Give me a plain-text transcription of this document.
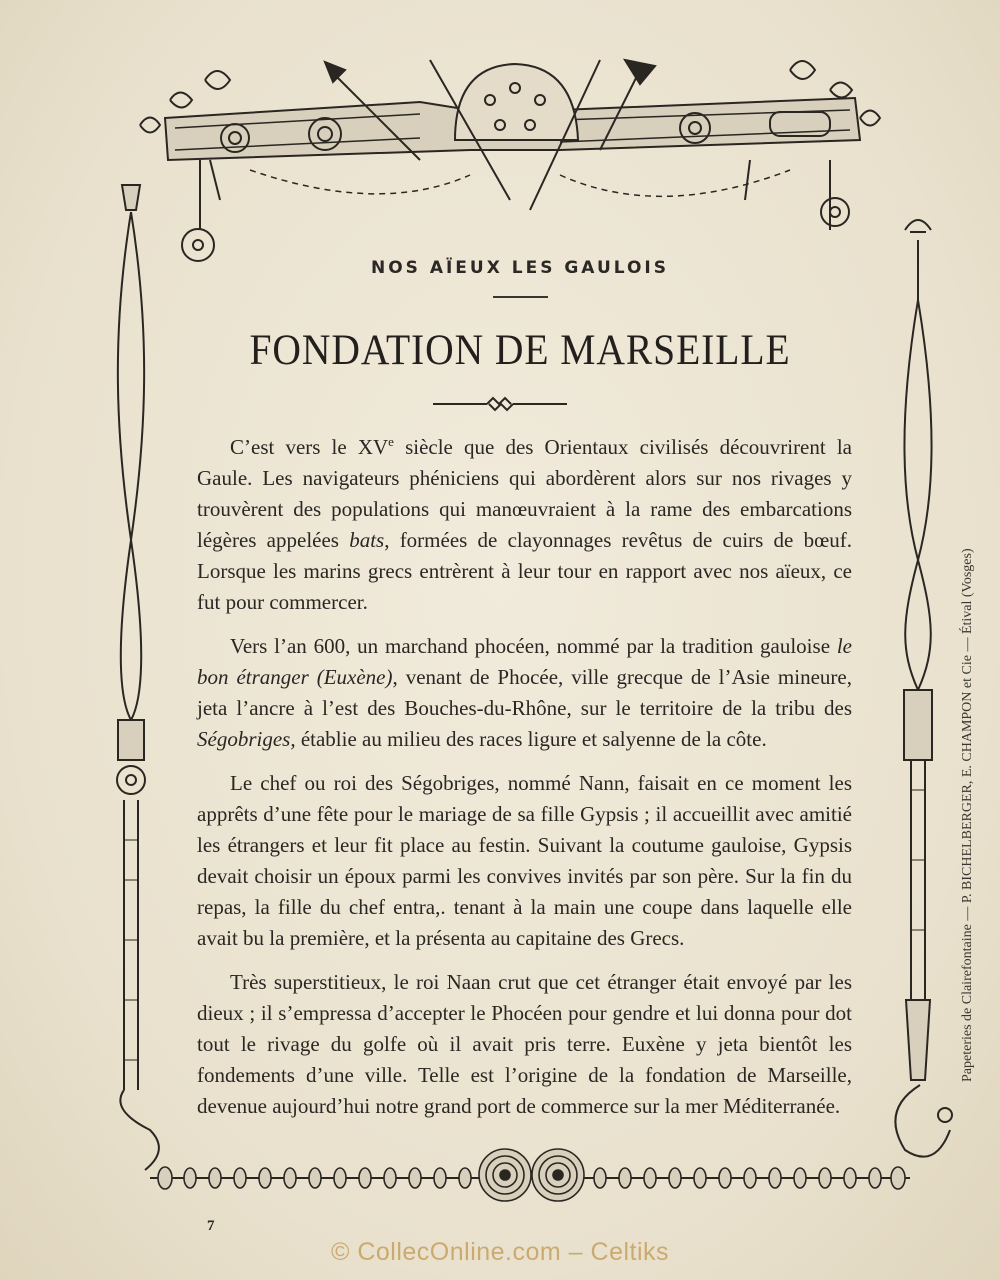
NOS AÏEUX LES GAULOIS
FONDATION DE MARSEILLE

C’est vers le XVe siècle que des Orientaux civilisés découvrirent la Gaule. Les navigateurs phéniciens qui abordèrent alors sur nos rivages y trouvèrent des populations qui manœuvraient à la rame des embarcations légères appelées bats, formées de clayonnages revêtus de cuirs de bœuf. Lorsque les marins grecs entrèrent à leur tour en rapport avec nos aïeux, ce fut pour commercer.

Vers l’an 600, un marchand phocéen, nommé par la tradition gauloise le bon étranger (Euxène), venant de Phocée, ville grecque de l’Asie mineure, jeta l’ancre à l’est des Bouches-du-Rhône, sur le territoire de la tribu des Ségobriges, établie au milieu des races ligure et salyenne de la côte.

Le chef ou roi des Ségobriges, nommé Nann, faisait en ce moment les apprêts d’une fête pour le mariage de sa fille Gypsis ; il accueillit avec amitié les étrangers et leur fit place au festin. Suivant la coutume gauloise, Gypsis devait choisir un époux parmi les convives invités par son père. Sur la fin du repas, la fille du chef entra,. tenant à la main une coupe dans laquelle elle avait bu la première, et la présenta au capitaine des Grecs.

Très superstitieux, le roi Naan crut que cet étranger était envoyé par les dieux ; il s’empressa d’accepter le Phocéen pour gendre et lui donna pour dot tout le rivage du golfe où il avait pris terre. Euxène y jeta bientôt les fondements d’une ville. Telle est l’origine de la fondation de Marseille, devenue aujourd’hui notre grand port de commerce sur la mer Méditerranée.

Papeteries de Clairefontaine — P. BICHELBERGER, E. CHAMPON et Cie — Étival (Vosges)
7
© ColleсOnline.com – Celtiks
